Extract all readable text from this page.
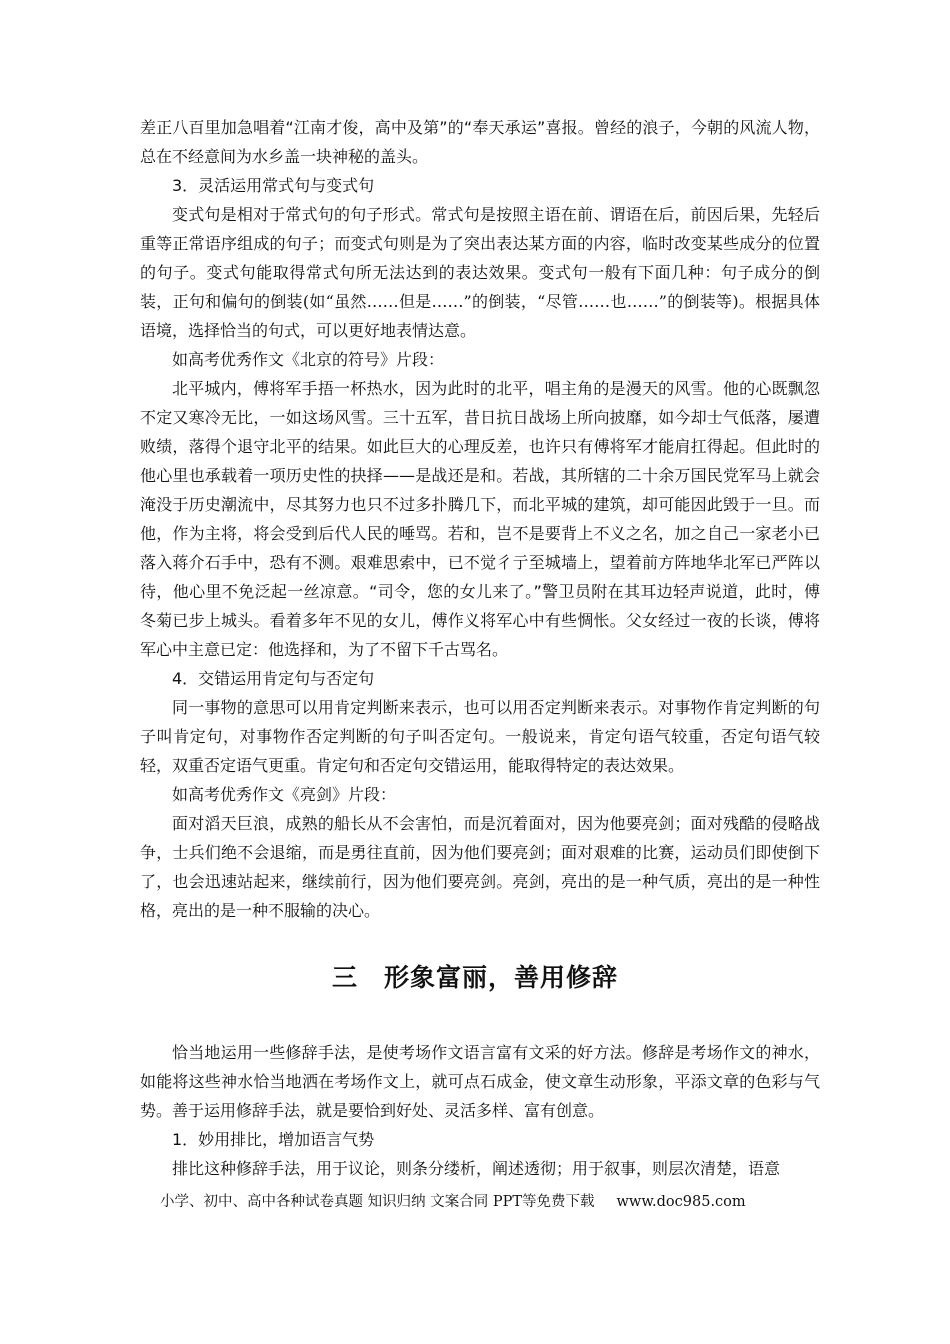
差正八百里加急唱着“江南才俊，高中及第”的“奉天承运”喜报。曾经的浪子，今朝的风流人物，总在不经意间为水乡盖一块神秘的盖头。

3．灵活运用常式句与变式句

变式句是相对于常式句的句子形式。常式句是按照主语在前、谓语在后，前因后果，先轻后重等正常语序组成的句子；而变式句则是为了突出表达某方面的内容，临时改变某些成分的位置的句子。变式句能取得常式句所无法达到的表达效果。变式句一般有下面几种：句子成分的倒装，正句和偏句的倒装(如“虽然……但是……”的倒装，“尽管……也……”的倒装等)。根据具体语境，选择恰当的句式，可以更好地表情达意。

如高考优秀作文《北京的符号》片段：

北平城内，傅将军手捂一杯热水，因为此时的北平，唱主角的是漫天的风雪。他的心既飘忽不定又寒冷无比，一如这场风雪。三十五军，昔日抗日战场上所向披靡，如今却士气低落，屡遭败绩，落得个退守北平的结果。如此巨大的心理反差，也许只有傅将军才能肩扛得起。但此时的他心里也承载着一项历史性的抉择——是战还是和。若战，其所辖的二十余万国民党军马上就会淹没于历史潮流中，尽其努力也只不过多扑腾几下，而北平城的建筑，却可能因此毁于一旦。而他，作为主将，将会受到后代人民的唾骂。若和，岂不是要背上不义之名，加之自己一家老小已落入蒋介石手中，恐有不测。艰难思索中，已不觉彳亍至城墙上，望着前方阵地华北军已严阵以待，他心里不免泛起一丝凉意。“司令，您的女儿来了。”警卫员附在其耳边轻声说道，此时，傅冬菊已步上城头。看着多年不见的女儿，傅作义将军心中有些惆怅。父女经过一夜的长谈，傅将军心中主意已定：他选择和，为了不留下千古骂名。

4．交错运用肯定句与否定句

同一事物的意思可以用肯定判断来表示，也可以用否定判断来表示。对事物作肯定判断的句子叫肯定句，对事物作否定判断的句子叫否定句。一般说来，肯定句语气较重，否定句语气较轻，双重否定语气更重。肯定句和否定句交错运用，能取得特定的表达效果。

如高考优秀作文《亮剑》片段：

面对滔天巨浪，成熟的船长从不会害怕，而是沉着面对，因为他要亮剑；面对残酷的侵略战争，士兵们绝不会退缩，而是勇往直前，因为他们要亮剑；面对艰难的比赛，运动员们即使倒下了，也会迅速站起来，继续前行，因为他们要亮剑。亮剑，亮出的是一种气质，亮出的是一种性格，亮出的是一种不服输的决心。

三　形象富丽，善用修辞

恰当地运用一些修辞手法，是使考场作文语言富有文采的好方法。修辞是考场作文的神水，如能将这些神水恰当地洒在考场作文上，就可点石成金，使文章生动形象，平添文章的色彩与气势。善于运用修辞手法，就是要恰到好处、灵活多样、富有创意。

1．妙用排比，增加语言气势

排比这种修辞手法，用于议论，则条分缕析，阐述透彻；用于叙事，则层次清楚，语意

小学、初中、高中各种试卷真题 知识归纳 文案合同 PPT等免费下载 www.doc985.com
